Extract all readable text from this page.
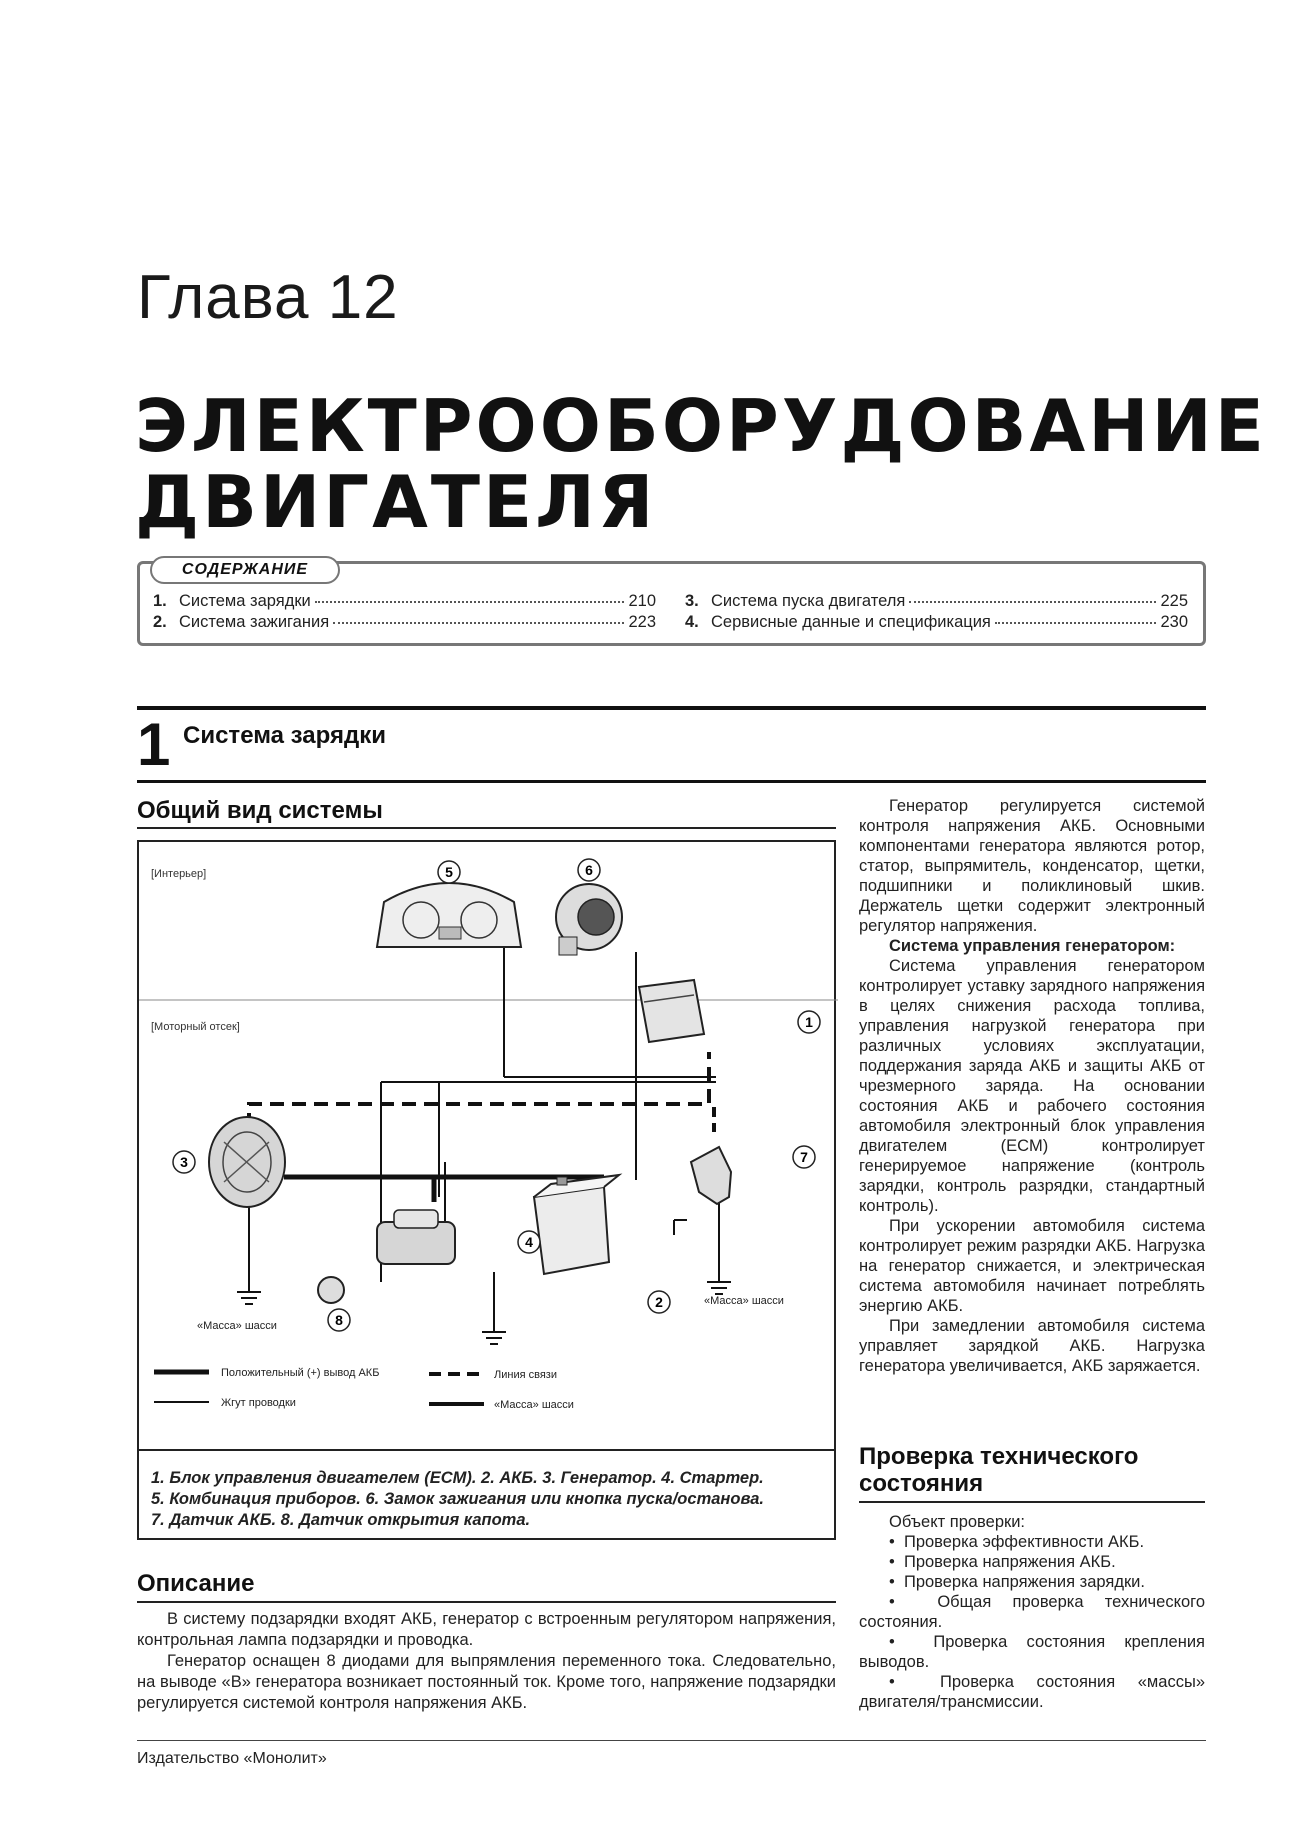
Глава 12
ЭЛЕКТРООБОРУДОВАНИЕ
ДВИГАТЕЛЯ
СОДЕРЖАНИЕ
1. Система зарядки	210
2. Система зажигания	223
3. Система пуска двигателя	225
4. Сервисные данные и спецификация	230
1 Система зарядки
Общий вид системы
[Интерьер]
[Моторный отсек]
«Масса» шасси
«Масса» шасси
1
2
3
4
5	6
7
8
Положительный (+) вывод АКБ
Жгут проводки
Линия связи
«Масса» шасси
1. Блок управления двигателем (ECM). 2. АКБ. 3. Генератор. 4. Стартер.
5. Комбинация приборов. 6. Замок зажигания или кнопка пуска/останова.
7. Датчик АКБ. 8. Датчик открытия капота.
Описание

В систему подзарядки входят АКБ, генератор с встроенным регулятором напряжения, контрольная лампа подзарядки и проводка.

Генератор оснащен 8 диодами для выпрямления переменного тока. Следовательно, на выводе «В» генератора возникает постоянный ток. Кроме того, напряжение подзарядки регулируется системой контроля напряжения АКБ.

Генератор регулируется системой контроля напряжения АКБ. Основными компонентами генератора являются ротор, статор, выпрямитель, конденсатор, щетки, подшипники и поликлиновый шкив. Держатель щетки содержит электронный регулятор напряжения.

Система управления генератором:

Система управления генератором контролирует уставку зарядного напряжения в целях снижения расхода топлива, управления нагрузкой генератора при различных условиях эксплуатации, поддержания заряда АКБ и защиты АКБ от чрезмерного заряда. На основании состояния АКБ и рабочего состояния автомобиля электронный блок управления двигателем (ECM) контролирует генерируемое напряжение (контроль зарядки, контроль разрядки, стандартный контроль).

При ускорении автомобиля система контролирует режим разрядки АКБ. Нагрузка на генератор снижается, и электрическая система автомобиля начинает потреблять энергию АКБ.

При замедлении автомобиля система управляет зарядкой АКБ. Нагрузка генератора увеличивается, АКБ заряжается.

Проверка технического
состояния
Объект проверки:
•  Проверка эффективности АКБ.
•  Проверка напряжения АКБ.
•  Проверка напряжения зарядки.
•  Общая проверка технического состояния.
•  Проверка состояния крепления выводов.
•  Проверка состояния «массы» двигателя/трансмиссии.
Издательство «Монолит»
